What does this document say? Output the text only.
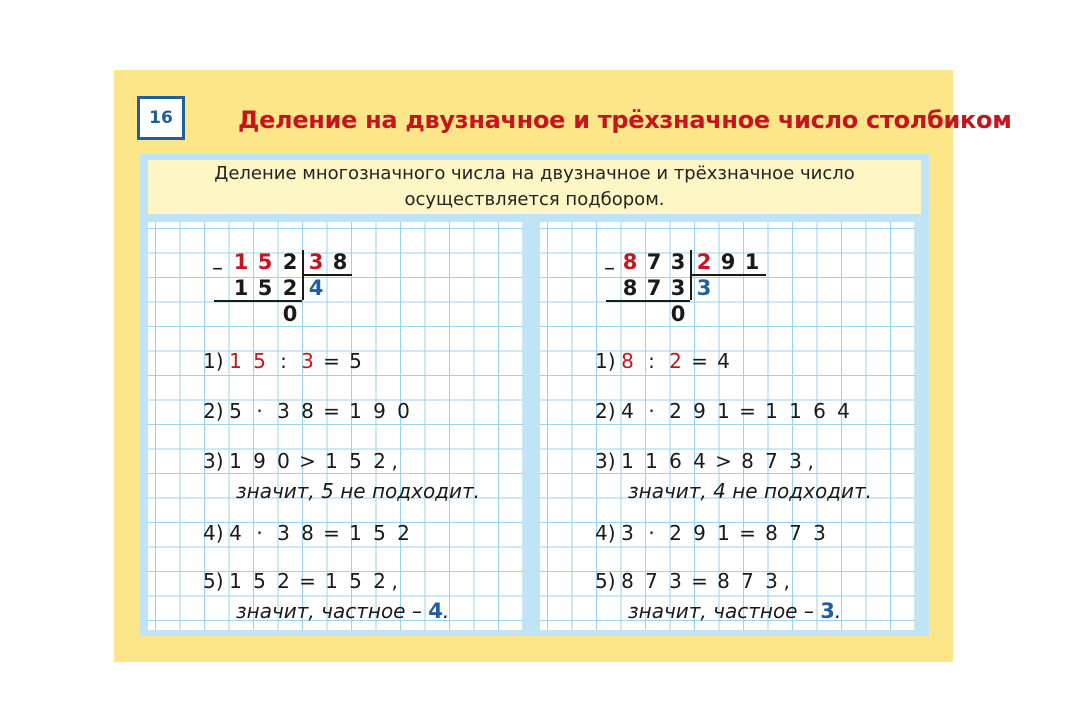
16	Деление на двузначное и трёхзначное число столбиком
Деление многозначного числа на двузначное и трёхзначное число
осуществляется подбором.
– 1 5 2 3 8
1 5 2 4
0
1) 1 5 : 3 = 5
2) 5 · 3 8 = 1 9 0
3) 1 9 0 > 1 5 2 ,
значит, 5 не подходит.
4) 4 · 3 8 = 1 5 2
5) 1 5 2 = 1 5 2 ,
значит, частное – 4.
– 8 7 3 2 9 1
8 7 3 3
0
1) 8 : 2 = 4
2) 4 · 2 9 1 = 1 1 6 4
3) 1 1 6 4 > 8 7 3 ,
значит, 4 не подходит.
4) 3 · 2 9 1 = 8 7 3
5) 8 7 3 = 8 7 3 ,
значит, частное – 3.
